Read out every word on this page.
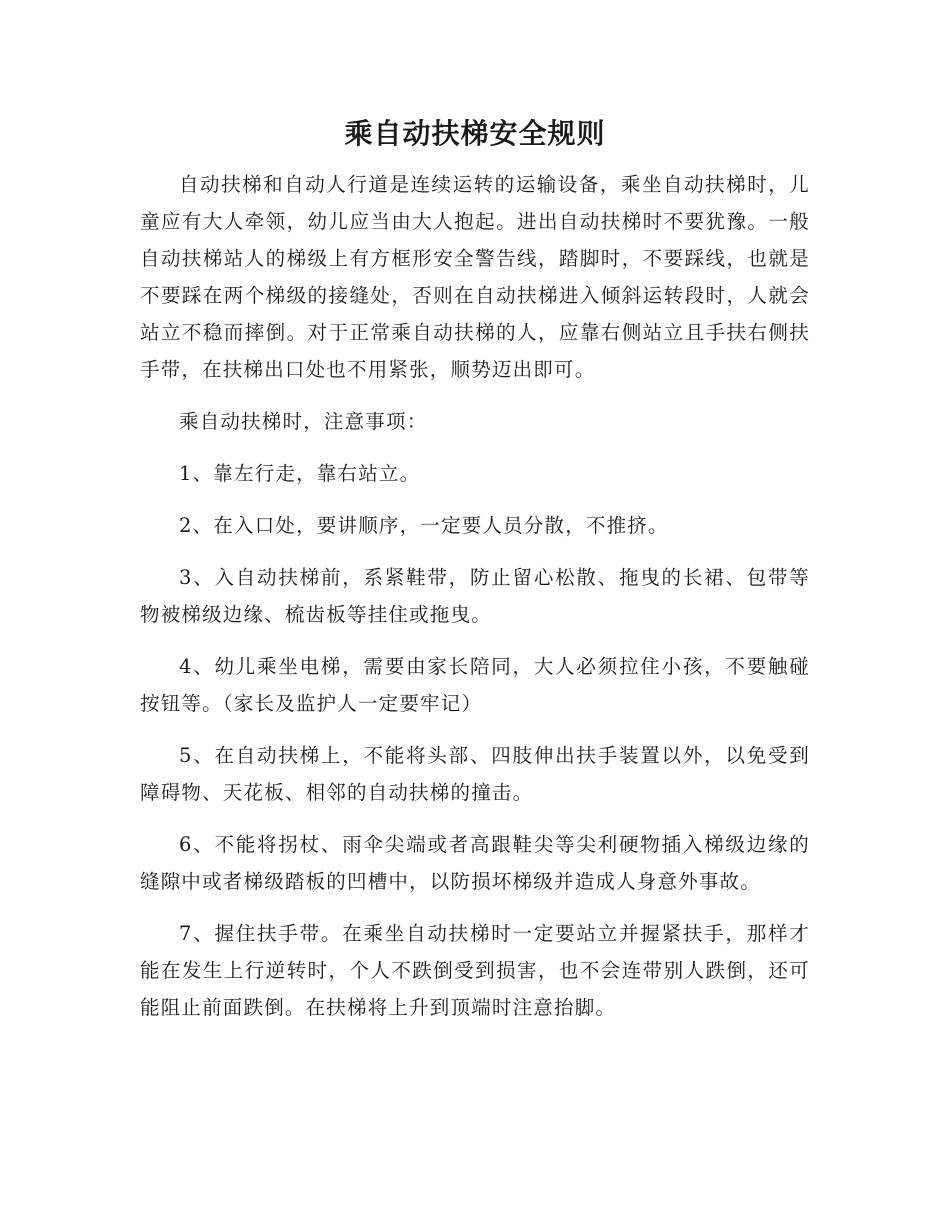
乘自动扶梯安全规则

自动扶梯和自动人行道是连续运转的运输设备，乘坐自动扶梯时，儿童应有大人牵领，幼儿应当由大人抱起。进出自动扶梯时不要犹豫。一般自动扶梯站人的梯级上有方框形安全警告线，踏脚时，不要踩线，也就是不要踩在两个梯级的接缝处，否则在自动扶梯进入倾斜运转段时，人就会站立不稳而摔倒。对于正常乘自动扶梯的人，应靠右侧站立且手扶右侧扶手带，在扶梯出口处也不用紧张，顺势迈出即可。

乘自动扶梯时，注意事项：

1、靠左行走，靠右站立。

2、在入口处，要讲顺序，一定要人员分散，不推挤。

3、入自动扶梯前，系紧鞋带，防止留心松散、拖曳的长裙、包带等物被梯级边缘、梳齿板等挂住或拖曳。

4、幼儿乘坐电梯，需要由家长陪同，大人必须拉住小孩，不要触碰按钮等。（家长及监护人一定要牢记）

5、在自动扶梯上，不能将头部、四肢伸出扶手装置以外，以免受到障碍物、天花板、相邻的自动扶梯的撞击。

6、不能将拐杖、雨伞尖端或者高跟鞋尖等尖利硬物插入梯级边缘的缝隙中或者梯级踏板的凹槽中，以防损坏梯级并造成人身意外事故。

7、握住扶手带。在乘坐自动扶梯时一定要站立并握紧扶手，那样才能在发生上行逆转时，个人不跌倒受到损害，也不会连带别人跌倒，还可能阻止前面跌倒。在扶梯将上升到顶端时注意抬脚。
